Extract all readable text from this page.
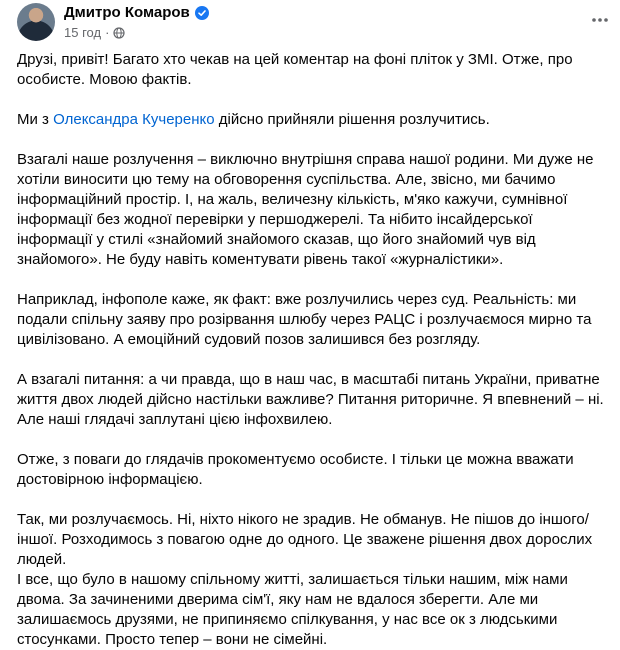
Дмитро Комаров
15 год ·

Друзі, привіт! Багато хто чекав на цей коментар на фоні пліток у ЗМІ. Отже, про особисте. Мовою фактів.

Ми з Олександра Кучеренко дійсно прийняли рішення розлучитись.

Взагалі наше розлучення – виключно внутрішня справа нашої родини. Ми дуже не хотіли виносити цю тему на обговорення суспільства. Але, звісно, ми бачимо інформаційний простір. І, на жаль, величезну кількість, м'яко кажучи, сумнівної інформації без жодної перевірки у першоджерелі. Та нібито інсайдерської інформації у стилі «знайомий знайомого сказав, що його знайомий чув від знайомого». Не буду навіть коментувати рівень такої «журналістики».

Наприклад, інфополе каже, як факт: вже розлучились через суд. Реальність: ми подали спільну заяву про розірвання шлюбу через РАЦС і розлучаємося мирно та цивілізовано. А емоційний судовий позов залишився без розгляду.

А взагалі питання: а чи правда, що в наш час, в масштабі питань України, приватне життя двох людей дійсно настільки важливе? Питання риторичне. Я впевнений – ні. Але наші глядачі заплутані цією інфохвилею.

Отже, з поваги до глядачів прокоментуємо особисте. І тільки це можна вважати достовірною інформацією.

Так, ми розлучаємось. Ні, ніхто нікого не зрадив. Не обманув. Не пішов до іншого/іншої. Розходимось з повагою одне до одного. Це зважене рішення двох дорослих людей.

І все, що було в нашому спільному житті, залишається тільки нашим, між нами двома. За зачиненими дверима сім'ї, яку нам не вдалося зберегти. Але ми залишаємось друзями, не припиняємо спілкування, у нас все ок з людськими стосунками. Просто тепер – вони не сімейні.
